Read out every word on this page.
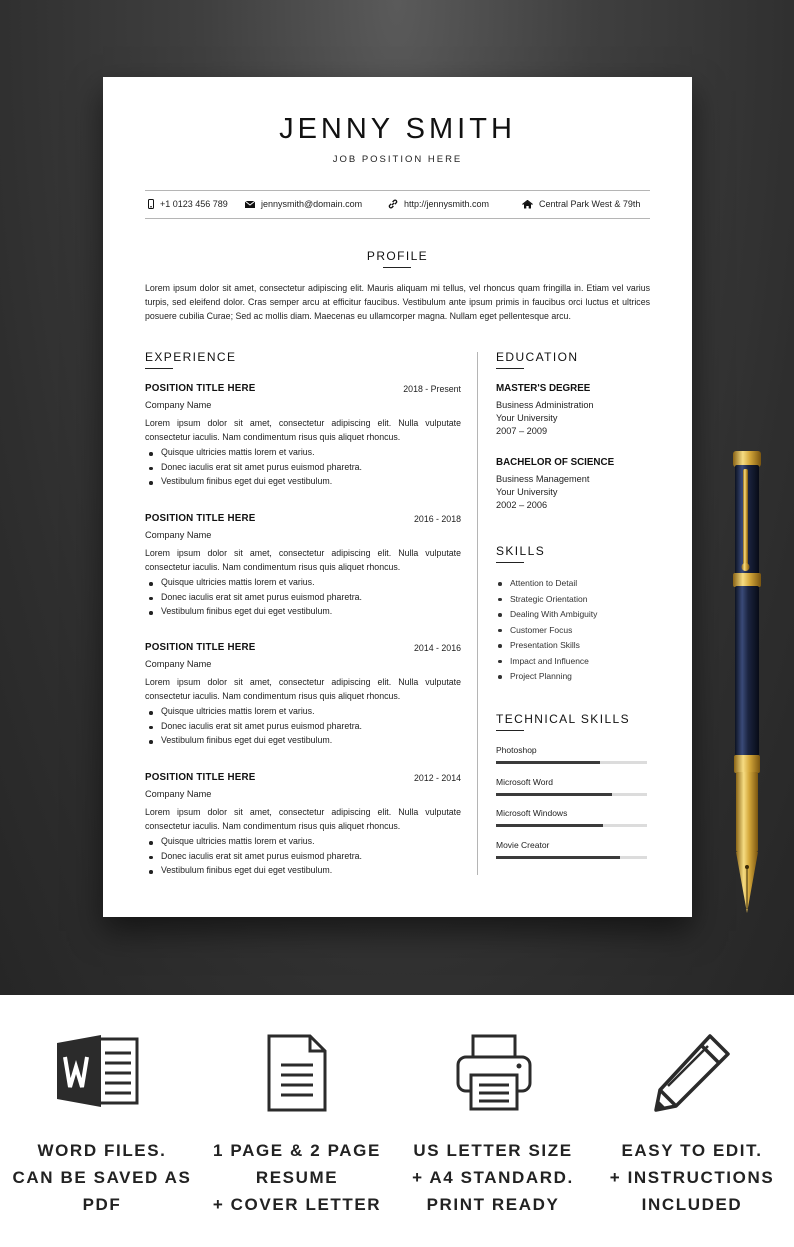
JENNY SMITH
JOB POSITION HERE
+1 0123 456 789	jennysmith@domain.com	http://jennysmith.com	Central Park West & 79th
PROFILE
Lorem ipsum dolor sit amet, consectetur adipiscing elit. Mauris aliquam mi tellus, vel rhoncus quam fringilla in. Etiam vel varius turpis, sed eleifend dolor. Cras semper arcu at efficitur faucibus. Vestibulum ante ipsum primis in faucibus orci luctus et ultrices posuere cubilia Curae; Sed ac mollis diam. Maecenas eu ullamcorper magna. Nullam eget pellentesque arcu.
EXPERIENCE
POSITION TITLE HERE	2018 - Present
Company Name
Lorem ipsum dolor sit amet, consectetur adipiscing elit. Nulla vulputate consectetur iaculis. Nam condimentum risus quis aliquet rhoncus.
Quisque ultricies mattis lorem et varius.
Donec iaculis erat sit amet purus euismod pharetra.
Vestibulum finibus eget dui eget vestibulum.
POSITION TITLE HERE	2016 - 2018
Company Name
Lorem ipsum dolor sit amet, consectetur adipiscing elit. Nulla vulputate consectetur iaculis. Nam condimentum risus quis aliquet rhoncus.
Quisque ultricies mattis lorem et varius.
Donec iaculis erat sit amet purus euismod pharetra.
Vestibulum finibus eget dui eget vestibulum.
POSITION TITLE HERE	2014 - 2016
Company Name
Lorem ipsum dolor sit amet, consectetur adipiscing elit. Nulla vulputate consectetur iaculis. Nam condimentum risus quis aliquet rhoncus.
Quisque ultricies mattis lorem et varius.
Donec iaculis erat sit amet purus euismod pharetra.
Vestibulum finibus eget dui eget vestibulum.
POSITION TITLE HERE	2012 - 2014
Company Name
Lorem ipsum dolor sit amet, consectetur adipiscing elit. Nulla vulputate consectetur iaculis. Nam condimentum risus quis aliquet rhoncus.
Quisque ultricies mattis lorem et varius.
Donec iaculis erat sit amet purus euismod pharetra.
Vestibulum finibus eget dui eget vestibulum.
EDUCATION
MASTER'S DEGREE
Business Administration
Your University
2007 – 2009
BACHELOR OF SCIENCE
Business Management
Your University
2002 – 2006
SKILLS
Attention to Detail
Strategic Orientation
Dealing With Ambiguity
Customer Focus
Presentation Skills
Impact and Influence
Project Planning
TECHNICAL SKILLS
Photoshop
Microsoft Word
Microsoft Windows
Movie Creator
WORD FILES.
CAN BE SAVED AS
PDF
1 PAGE & 2 PAGE
RESUME
+ COVER LETTER
US LETTER SIZE
+ A4 STANDARD.
PRINT READY
EASY TO EDIT.
+ INSTRUCTIONS
INCLUDED
